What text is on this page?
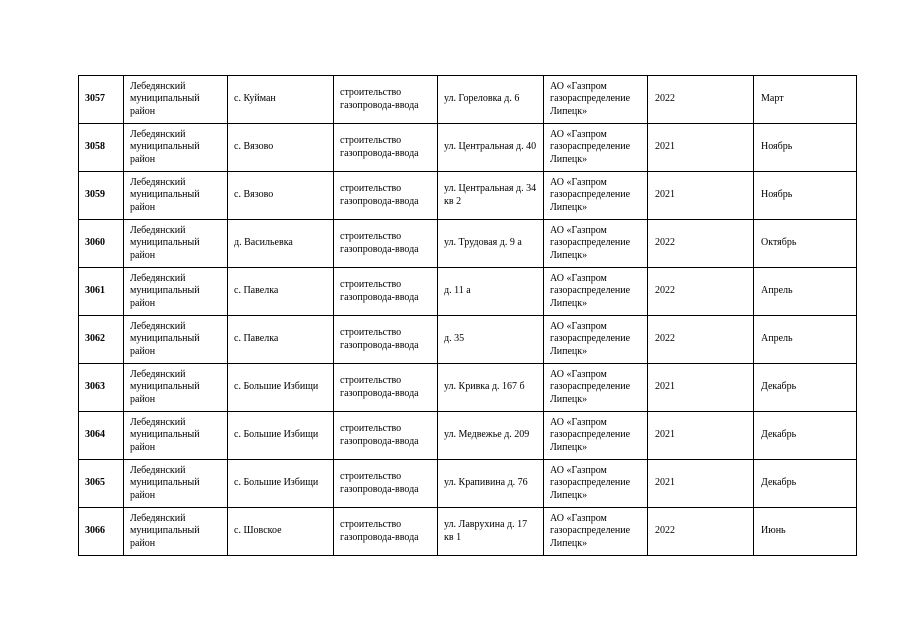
3057	Лебедянский муниципальный район	с. Куйман	строительство газопровода-ввода	ул. Гореловка д. 6	АО «Газпром газораспределение Липецк»	2022	Март
3058	Лебедянский муниципальный район	с. Вязово	строительство газопровода-ввода	ул. Центральная д. 40	АО «Газпром газораспределение Липецк»	2021	Ноябрь
3059	Лебедянский муниципальный район	с. Вязово	строительство газопровода-ввода	ул. Центральная д. 34 кв 2	АО «Газпром газораспределение Липецк»	2021	Ноябрь
3060	Лебедянский муниципальный район	д. Васильевка	строительство газопровода-ввода	ул. Трудовая д. 9 а	АО «Газпром газораспределение Липецк»	2022	Октябрь
3061	Лебедянский муниципальный район	с. Павелка	строительство газопровода-ввода	д. 11 а	АО «Газпром газораспределение Липецк»	2022	Апрель
3062	Лебедянский муниципальный район	с. Павелка	строительство газопровода-ввода	д. 35	АО «Газпром газораспределение Липецк»	2022	Апрель
3063	Лебедянский муниципальный район	с. Большие Избищи	строительство газопровода-ввода	ул. Кривка д. 167 б	АО «Газпром газораспределение Липецк»	2021	Декабрь
3064	Лебедянский муниципальный район	с. Большие Избищи	строительство газопровода-ввода	ул. Медвежье д. 209	АО «Газпром газораспределение Липецк»	2021	Декабрь
3065	Лебедянский муниципальный район	с. Большие Избищи	строительство газопровода-ввода	ул. Крапивина д. 76	АО «Газпром газораспределение Липецк»	2021	Декабрь
3066	Лебедянский муниципальный район	с. Шовское	строительство газопровода-ввода	ул. Лаврухина д. 17 кв 1	АО «Газпром газораспределение Липецк»	2022	Июнь
